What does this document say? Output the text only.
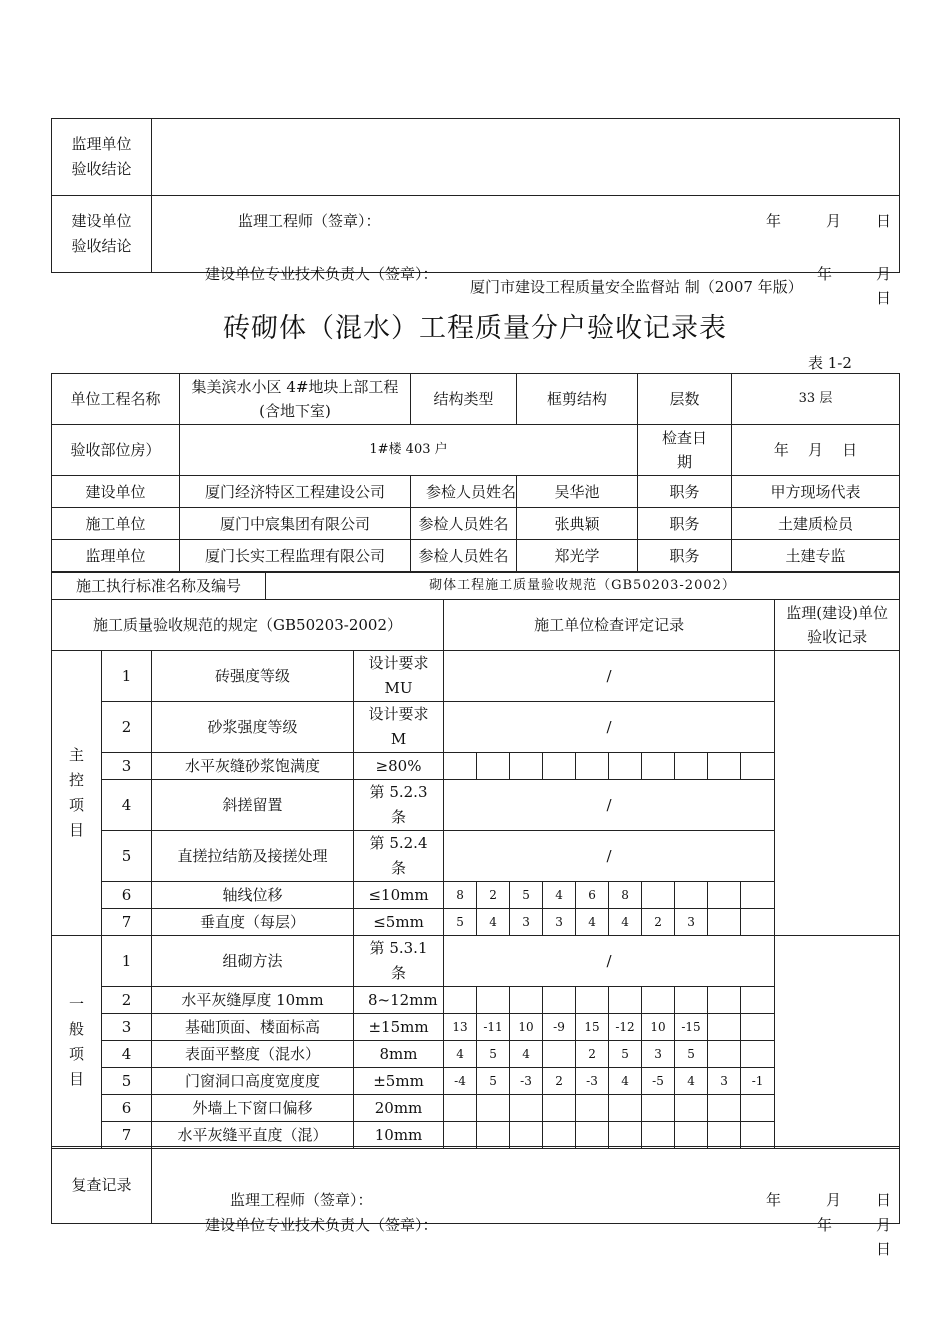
监理单位
验收结论	监理工程师（签章）： 年 月 日

建设单位
验收结论	建设单位专业技术负责人（签章）： 年 月
日
厦门市建设工程质量安全监督站 制（2007 年版）
砖砌体（混水）工程质量分户验收记录表
表 1-2
单位工程名称	集美滨水小区 4#地块上部工程(含地下室)	结构类型	框剪结构	层数	33 层
验收部位房）	1#楼 403 户			检查日期	年    月    日
建设单位	厦门经济特区工程建设公司	参检人员姓名	吴华池	职务	甲方现场代表
施工单位	厦门中宸集团有限公司	参检人员姓名	张典颖	职务	土建质检员
监理单位	厦门长实工程监理有限公司	参检人员姓名	郑光学	职务	土建专监
施工执行标准名称及编号	砌体工程施工质量验收规范（GB50203-2002）
施工质量验收规范的规定（GB50203-2002）				施工单位检查评定记录										监理(建设)单位验收记录
主
控
项
目	1	砖强度等级	设计要求MU	/										
	2	砂浆强度等级	设计要求M	/										
	3	水平灰缝砂浆饱满度	≥80%											
	4	斜搓留置	第 5.2.3 条	/										
	5	直搓拉结筋及接搓处理	第 5.2.4 条	/										
	6	轴线位移	≤10mm	8	2	5	4	6	8					
	7	垂直度（每层）	≤5mm	5	4	3	3	4	4	2	3			
一
般
项
目	1	组砌方法	第 5.3.1 条	/										
	2	水平灰缝厚度 10mm	8~12mm											
	3	基础顶面、楼面标高	±15mm	13	-11	10	-9	15	-12	10	-15			
	4	表面平整度（混水）	8mm	4	5	4		2	5	3	5			
	5	门窗洞口高度宽度度	±5mm	-4	5	-3	2	-3	4	-5	4	3	-1	
	6	外墙上下窗口偏移	20mm											
	7	水平灰缝平直度（混）	10mm											
复查记录	
监理工程师（签章）：	年	月 日
建设单位专业技术负责人（签章）：	年	月
日
